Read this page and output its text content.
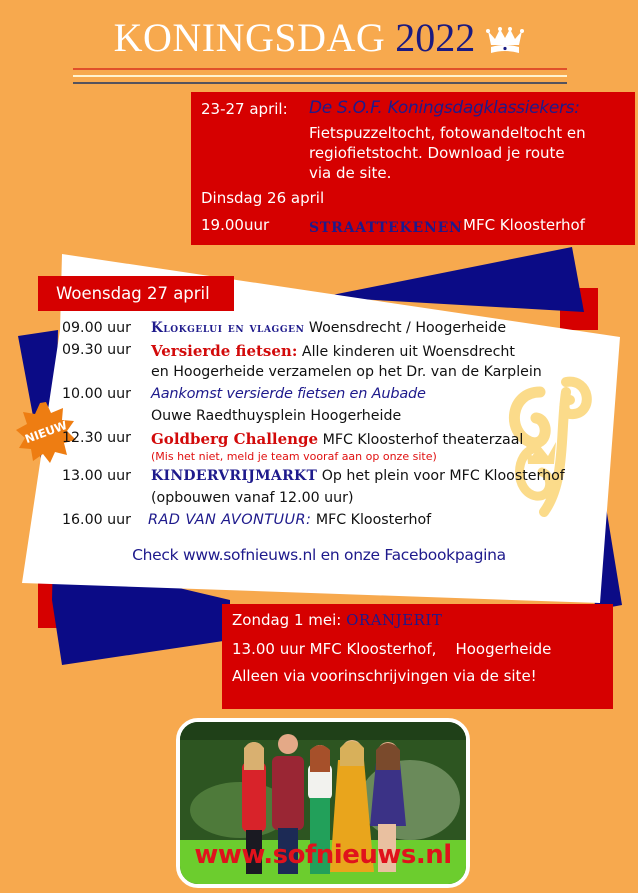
KONINGSDAG 2022
23-27 april: De S.O.F. Koningsdagklassiekers:
Fietspuzzeltocht, fotowandeltocht en
regiofietstocht. Download je route
via de site.
Dinsdag 26 april
19.00uur	STRAATTEKENEN MFC Kloosterhof
Woensdag 27 april
NIEUW
09.00 uur	Klokgelui en vlaggen Woensdrecht / Hoogerheide
09.30 uur	Versierde fietsen: Alle kinderen uit Woensdrecht
en Hoogerheide verzamelen op het Dr. van de Karplein
10.00 uur	Aankomst versierde fietsen en Aubade
Ouwe Raedthuysplein Hoogerheide
12.30 uur	Goldberg Challenge MFC Kloosterhof theaterzaal
(Mis het niet, meld je team vooraf aan op onze site)
13.00 uur	KINDERVRIJMARKT Op het plein voor MFC Kloosterhof
(opbouwen vanaf 12.00 uur)
16.00 uur	RAD VAN AVONTUUR: MFC Kloosterhof
Check www.sofnieuws.nl en onze Facebookpagina
Zondag 1 mei: ORANJERIT
13.00 uur MFC Kloosterhof,    Hoogerheide
Alleen via voorinschrijvingen via de site!
www.sofnieuws.nl
